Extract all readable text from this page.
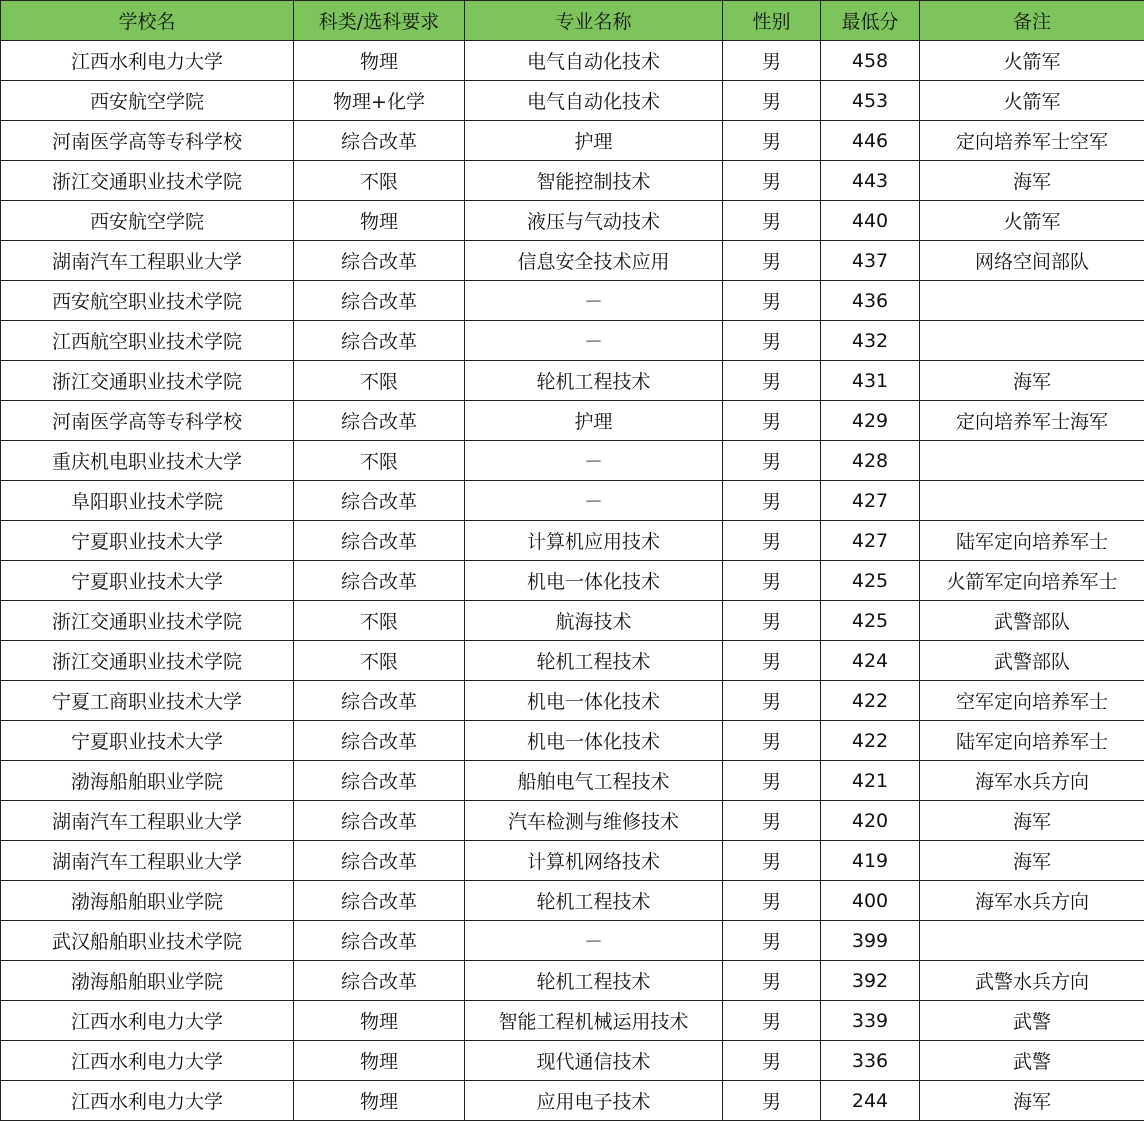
学校名	科类/选科要求	专业名称	性别	最低分	备注
江西水利电力大学	物理	电气自动化技术	男	458	火箭军
西安航空学院	物理+化学	电气自动化技术	男	453	火箭军
河南医学高等专科学校	综合改革	护理	男	446	定向培养军士空军
浙江交通职业技术学院	不限	智能控制技术	男	443	海军
西安航空学院	物理	液压与气动技术	男	440	火箭军
湖南汽车工程职业大学	综合改革	信息安全技术应用	男	437	网络空间部队
西安航空职业技术学院	综合改革	－	男	436	
江西航空职业技术学院	综合改革	－	男	432	
浙江交通职业技术学院	不限	轮机工程技术	男	431	海军
河南医学高等专科学校	综合改革	护理	男	429	定向培养军士海军
重庆机电职业技术大学	不限	－	男	428	
阜阳职业技术学院	综合改革	－	男	427	
宁夏职业技术大学	综合改革	计算机应用技术	男	427	陆军定向培养军士
宁夏职业技术大学	综合改革	机电一体化技术	男	425	火箭军定向培养军士
浙江交通职业技术学院	不限	航海技术	男	425	武警部队
浙江交通职业技术学院	不限	轮机工程技术	男	424	武警部队
宁夏工商职业技术大学	综合改革	机电一体化技术	男	422	空军定向培养军士
宁夏职业技术大学	综合改革	机电一体化技术	男	422	陆军定向培养军士
渤海船舶职业学院	综合改革	船舶电气工程技术	男	421	海军水兵方向
湖南汽车工程职业大学	综合改革	汽车检测与维修技术	男	420	海军
湖南汽车工程职业大学	综合改革	计算机网络技术	男	419	海军
渤海船舶职业学院	综合改革	轮机工程技术	男	400	海军水兵方向
武汉船舶职业技术学院	综合改革	－	男	399	
渤海船舶职业学院	综合改革	轮机工程技术	男	392	武警水兵方向
江西水利电力大学	物理	智能工程机械运用技术	男	339	武警
江西水利电力大学	物理	现代通信技术	男	336	武警
江西水利电力大学	物理	应用电子技术	男	244	海军
